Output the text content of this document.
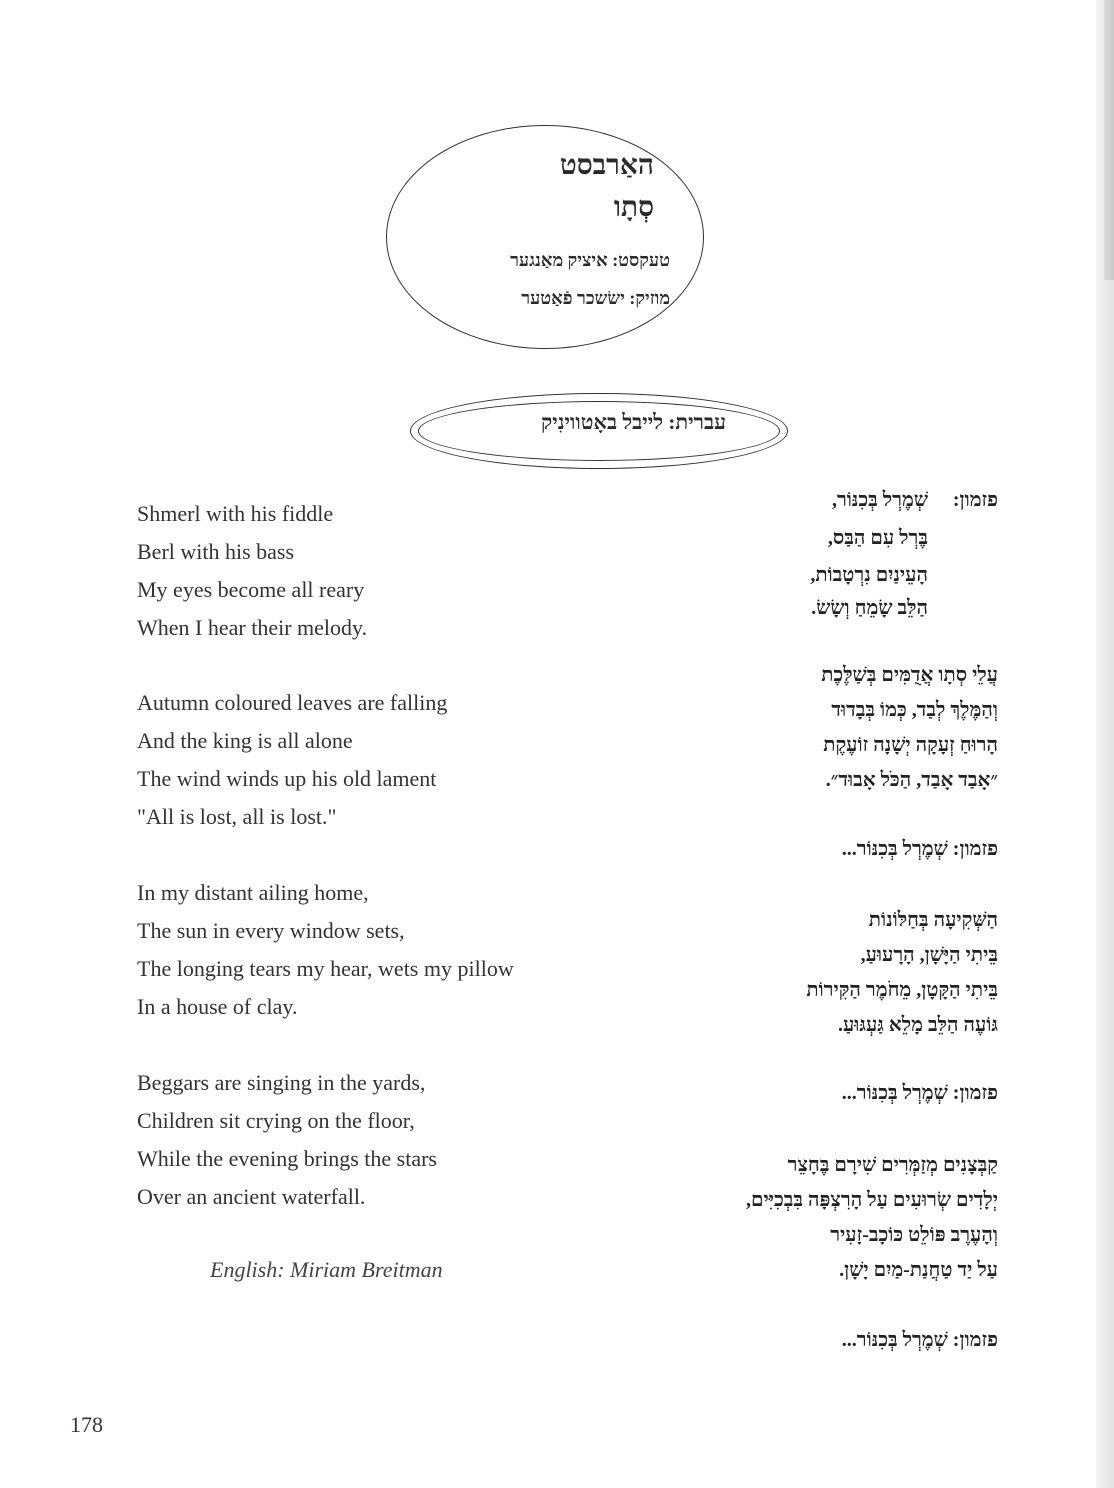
האַרבסט
סְתָו
טעקסט: איציק מאַנגער
מוזיק: ישׂשכר פֿאַטער
עברית: לייבל באָטווינִיק
Shmerl with his fiddle
Berl with his bass
My eyes become all reary
When I hear their melody.
Autumn coloured leaves are falling
And the king is all alone
The wind winds up his old lament
"All is lost, all is lost."
In my distant ailing home,
The sun in every window sets,
The longing tears my hear, wets my pillow
In a house of clay.
Beggars are singing in the yards,
Children sit crying on the floor,
While the evening brings the stars
Over an ancient waterfall.
English: Miriam Breitman
פזמון:
שְׁמֶרְל בְּכִנּוֹר,
בֶּרְל עִם הַבַּס,
הָעֵינַיִם נִרְטָבוֹת,
הַלֵּב שָׂמֵחַ וְשָׂשׂ.
עֲלֵי סְתָו אֲדֻמִּים בְּשַׁלֶּכֶת
וְהַמֶּלֶךְ לְבַד, כְּמוֹ בְּבָדוּד
הָרוּחַ זְעָקָה יְשָׁנָה זוֹעֶקֶת
״אָבַד אָבַד, הַכֹּל אָבוּד״.
פזמון: שְׁמֶרְל בְּכִנּוֹר...
הַשְּׁקִיעָה בְּחַלּוֹנוֹת
בֵּיתִי הַיָּשָׁן, הָרָעוּעַ,
בֵּיתִי הַקָּטָן, מֵחֹמֶר הַקִּירוֹת
גּוֹעֶה הַלֵּב מָלֵא גַּעְגּוּעַ.
פזמון: שְׁמֶרְל בְּכִנּוֹר...
קַבְּצָנִים מְזַמְּרִים שִׁירָם בֶּחָצֵר
יְלָדִים שְׂרוּעִים עַל הָרִצְפָּה בִּבְכִיִּים,
וְהָעֶרֶב פּוֹלֵט כּוֹכָב-זָעִיר
עַל יַד טַחֲנַת-מַיִם יָשָׁן.
פזמון: שְׁמֶרְל בְּכִנּוֹר...
178
